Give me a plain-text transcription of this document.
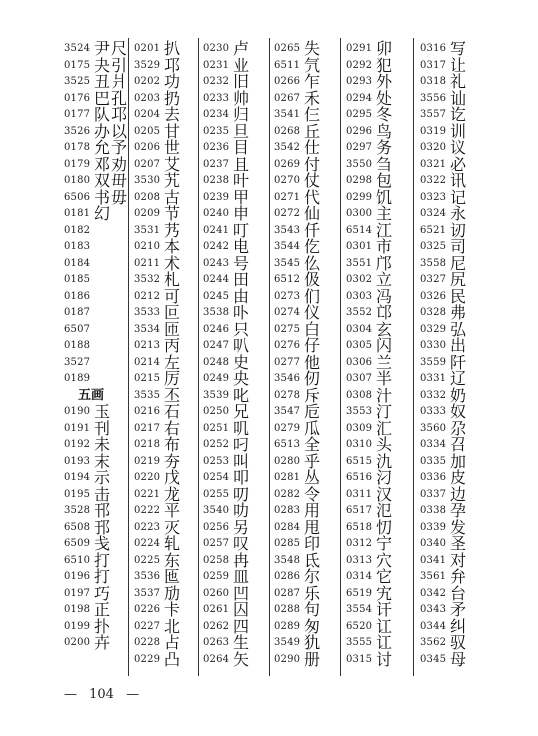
3524 尹尺
0175 夬引
3525 丑爿
0176 巴孔
0177 队邛
3526 办以
0178 允予
0179 邓劝
0180 双毌
6506 书毋
0181 幻
0182
0183
0184
0185
0186
0187
6507
0188
3527
0189
五画
0190 玉
0191 刊
0192 未
0193 末
0194 示
0195 击
3528 邗
6508 邘
6509 戋
6510 打
0196 打
0197 巧
0198 正
0199 扑
0200 卉
0201 扒
3529 邛
0202 功
0203 扔
0204 去
0205 甘
0206 世
0207 艾
3530 艽
0208 古
0209 节
3531 艿
0210 本
0211 术
3532 札
0212 可
3533 叵
3534 匝
0213 丙
0214 左
0215 厉
3535 丕
0216 石
0217 右
0218 布
0219 夯
0220 戊
0221 龙
0222 平
0223 灭
0224 轧
0225 东
3536 匜
3537 劢
0226 卡
0227 北
0228 占
0229 凸
0230 卢
0231 业
0232 旧
0233 帅
0234 归
0235 旦
0236 目
0237 且
0238 叶
0239 甲
0240 申
0241 叮
0242 电
0243 号
0244 田
0245 由
3538 卟
0246 只
0247 叭
0248 史
0249 央
3539 叱
0250 兄
0251 叽
0252 叼
0253 叫
0254 叩
0255 叨
3540 叻
0256 另
0257 叹
0258 冉
0259 皿
0260 凹
0261 囚
0262 四
0263 生
0264 矢
0265 失
6511 氕
0266 乍
0267 禾
3541 仨
0268 丘
3542 仕
0269 付
0270 仗
0271 代
0272 仙
3543 仟
3544 仡
3545 仫
6512 伋
0273 们
0274 仪
0275 白
0276 仔
0277 他
3546 仞
0278 斥
3547 卮
0279 瓜
6513 全
0280 乎
0281 丛
0282 令
0283 用
0284 甩
0285 印
3548 氐
0286 尔
0287 乐
0288 句
0289 匆
3549 犰
0290 册
0291 卯
0292 犯
0293 外
0294 处
0295 冬
0296 鸟
0297 务
3550 刍
0298 包
0299 饥
0300 主
6514 江
0301 市
3551 邝
0302 立
0303 冯
3552 邙
0304 玄
0305 闪
0306 兰
0307 半
0308 汁
3553 汀
0309 汇
0310 头
6515 氿
6516 汈
0311 汉
6517 氾
6518 忉
0312 宁
0313 穴
0314 它
6519 宄
3554 讦
6520 讧
3555 讧
0315 讨
0316 写
0317 让
0318 礼
3556 讪
3557 讫
0319 训
0320 议
0321 必
0322 讯
0323 记
0324 永
6521 讱
0325 司
3558 尼
0327 尻
0326 民
0328 弗
0329 弘
0330 出
3559 阡
0331 辽
0332 奶
0333 奴
3560 尕
0334 召
0335 加
0336 皮
0337 边
0338 孕
0339 发
0340 圣
0341 对
3561 弁
0342 台
0343 矛
0344 纠
3562 驭
0345 母
— 104 —
